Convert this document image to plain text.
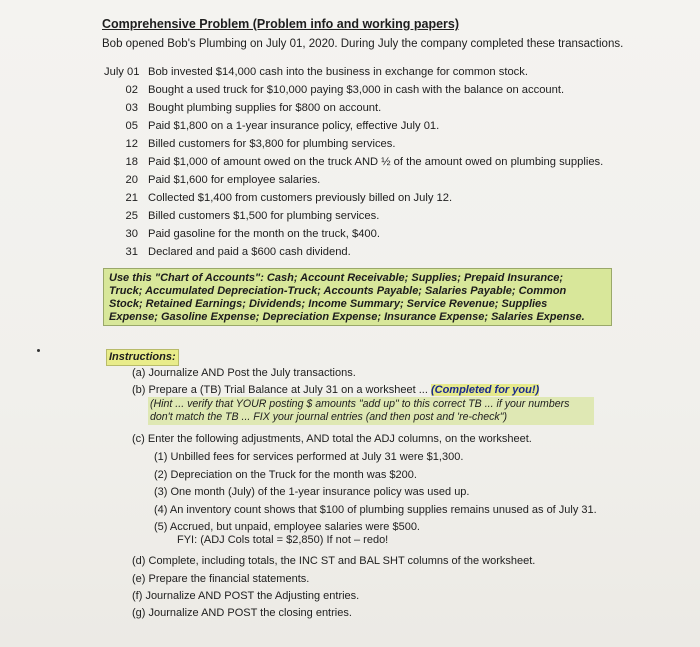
Comprehensive Problem (Problem info and working papers)
Bob opened Bob's Plumbing on July 01, 2020. During July the company completed these transactions.
July 01 Bob invested $14,000 cash into the business in exchange for common stock.
02 Bought a used truck for $10,000 paying $3,000 in cash with the balance on account.
03 Bought plumbing supplies for $800 on account.
05 Paid $1,800 on a 1-year insurance policy, effective July 01.
12 Billed customers for $3,800 for plumbing services.
18 Paid $1,000 of amount owed on the truck AND ½ of the amount owed on plumbing supplies.
20 Paid $1,600 for employee salaries.
21 Collected $1,400 from customers previously billed on July 12.
25 Billed customers $1,500 for plumbing services.
30 Paid gasoline for the month on the truck, $400.
31 Declared and paid a $600 cash dividend.
Use this "Chart of Accounts": Cash; Account Receivable; Supplies; Prepaid Insurance;
Truck; Accumulated Depreciation-Truck; Accounts Payable; Salaries Payable; Common
Stock; Retained Earnings; Dividends; Income Summary; Service Revenue; Supplies
Expense; Gasoline Expense; Depreciation Expense; Insurance Expense; Salaries Expense.
Instructions:
(a) Journalize AND Post the July transactions.
(b) Prepare a (TB) Trial Balance at July 31 on a worksheet ... (Completed for you!)
(Hint ... verify that YOUR posting $ amounts "add up" to this correct TB ... if your numbers
don't match the TB ... FIX your journal entries (and then post and 're-check")
(c) Enter the following adjustments, AND total the ADJ columns, on the worksheet.
(1) Unbilled fees for services performed at July 31 were $1,300.
(2) Depreciation on the Truck for the month was $200.
(3) One month (July) of the 1-year insurance policy was used up.
(4) An inventory count shows that $100 of plumbing supplies remains unused as of July 31.
(5) Accrued, but unpaid, employee salaries were $500.
FYI: (ADJ Cols total = $2,850) If not – redo!
(d) Complete, including totals, the INC ST and BAL SHT columns of the worksheet.
(e) Prepare the financial statements.
(f) Journalize AND POST the Adjusting entries.
(g) Journalize AND POST the closing entries.
